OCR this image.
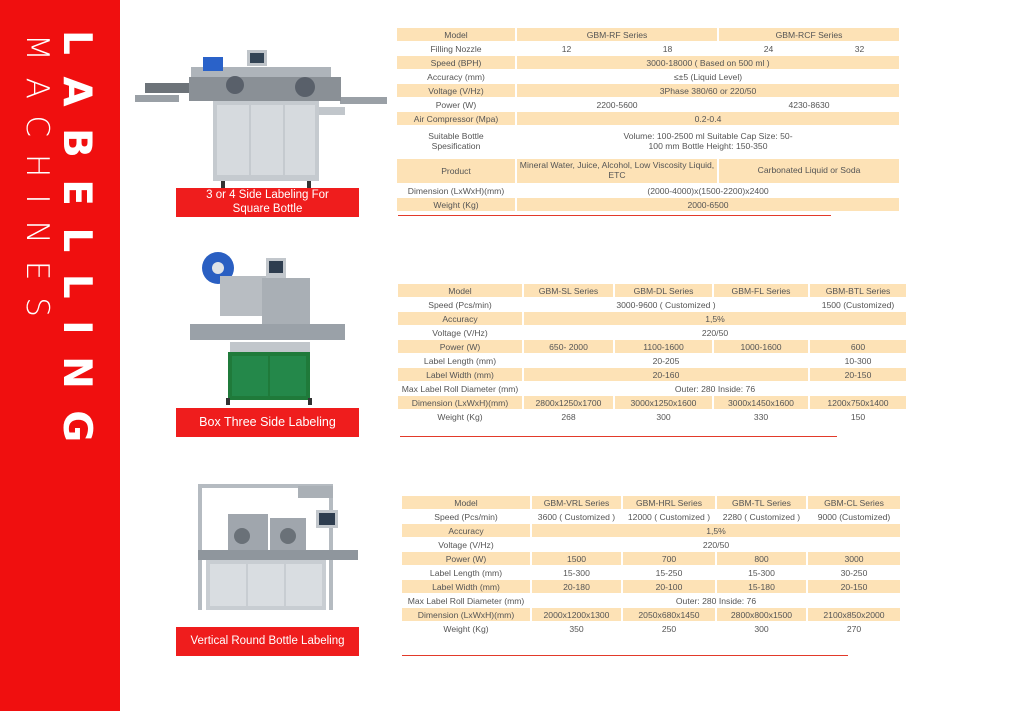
LABELLING
MACHINES	3 or 4 Side Labeling For Square Bottle
Model	GBM-RF Series		GBM-RCF Series	
Filling Nozzle	12	18	24	32
Speed (BPH)	3000-18000 ( Based on 500 ml )			
Accuracy (mm)	≤±5 (Liquid Level)			
Voltage (V/Hz)	3Phase 380/60 or 220/50			
Power (W)	2200-5600		4230-8630	
Air Compressor (Mpa)	0.2-0.4			
Suitable Bottle Spesification	Volume: 100-2500 ml Suitable Cap Size: 50-100 mm Bottle Height: 150-350			
Product	Mineral Water, Juice, Alcohol, Low Viscosity Liquid, ETC		Carbonated Liquid or Soda	
Dimension (LxWxH)(mm)	(2000-4000)x(1500-2200)x2400			
Weight (Kg)	2000-6500			
Box Three Side Labeling
Model	GBM-SL Series	GBM-DL Series	GBM-FL Series	GBM-BTL Series
Speed (Pcs/min)	3000-9600 ( Customized )			1500 (Customized)
Accuracy	1,5%			
Voltage (V/Hz)	220/50			
Power (W)	650- 2000	1100-1600	1000-1600	600
Label Length (mm)	20-205			10-300
Label Width (mm)	20-160			20-150
Max Label Roll Diameter (mm)	Outer: 280 Inside: 76			
Dimension (LxWxH)(mm)	2800x1250x1700	3000x1250x1600	3000x1450x1600	1200x750x1400
Weight (Kg)	268	300	330	150
Vertical Round Bottle Labeling
Model	GBM-VRL Series	GBM-HRL Series	GBM-TL Series	GBM-CL Series
Speed (Pcs/min)	3600 ( Customized )	12000 ( Customized )	2280 ( Customized )	9000 (Customized)
Accuracy	1,5%			
Voltage (V/Hz)	220/50			
Power (W)	1500	700	800	3000
Label Length (mm)	15-300	15-250	15-300	30-250
Label Width (mm)	20-180	20-100	15-180	20-150
Max Label Roll Diameter (mm)	Outer: 280 Inside: 76			
Dimension (LxWxH)(mm)	2000x1200x1300	2050x680x1450	2800x800x1500	2100x850x2000
Weight (Kg)	350	250	300	270
